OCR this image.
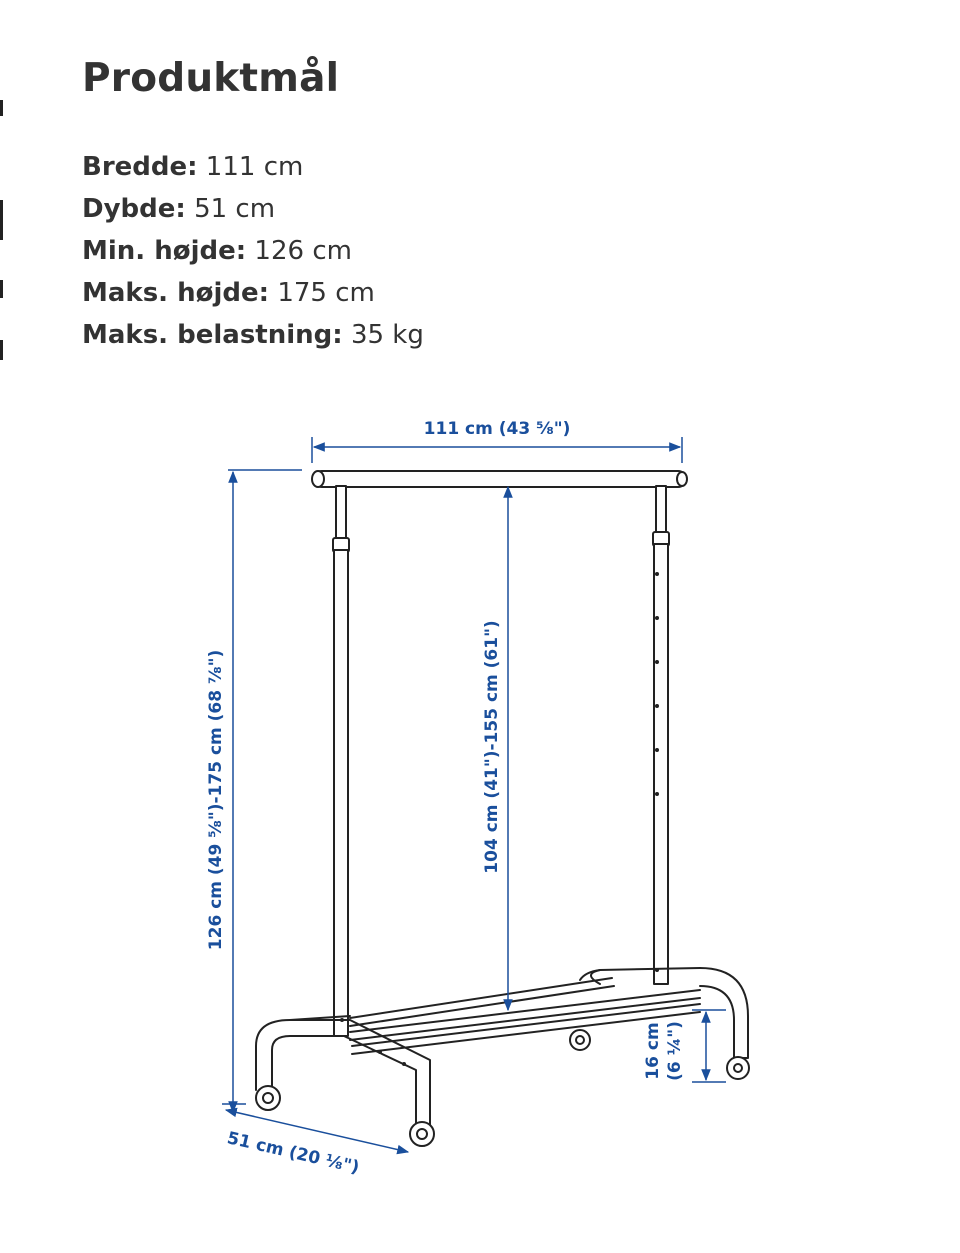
Produktmål
Bredde: 111 cm
Dybde: 51 cm
Min. højde: 126 cm
Maks. højde: 175 cm
Maks. belastning: 35 kg
111 cm (43 ⅝")
126 cm (49 ⅝")-175 cm (68 ⅞")	104 cm (41")-155 cm (61")
16 cm (6 ¼")
51 cm (20 ⅛")
